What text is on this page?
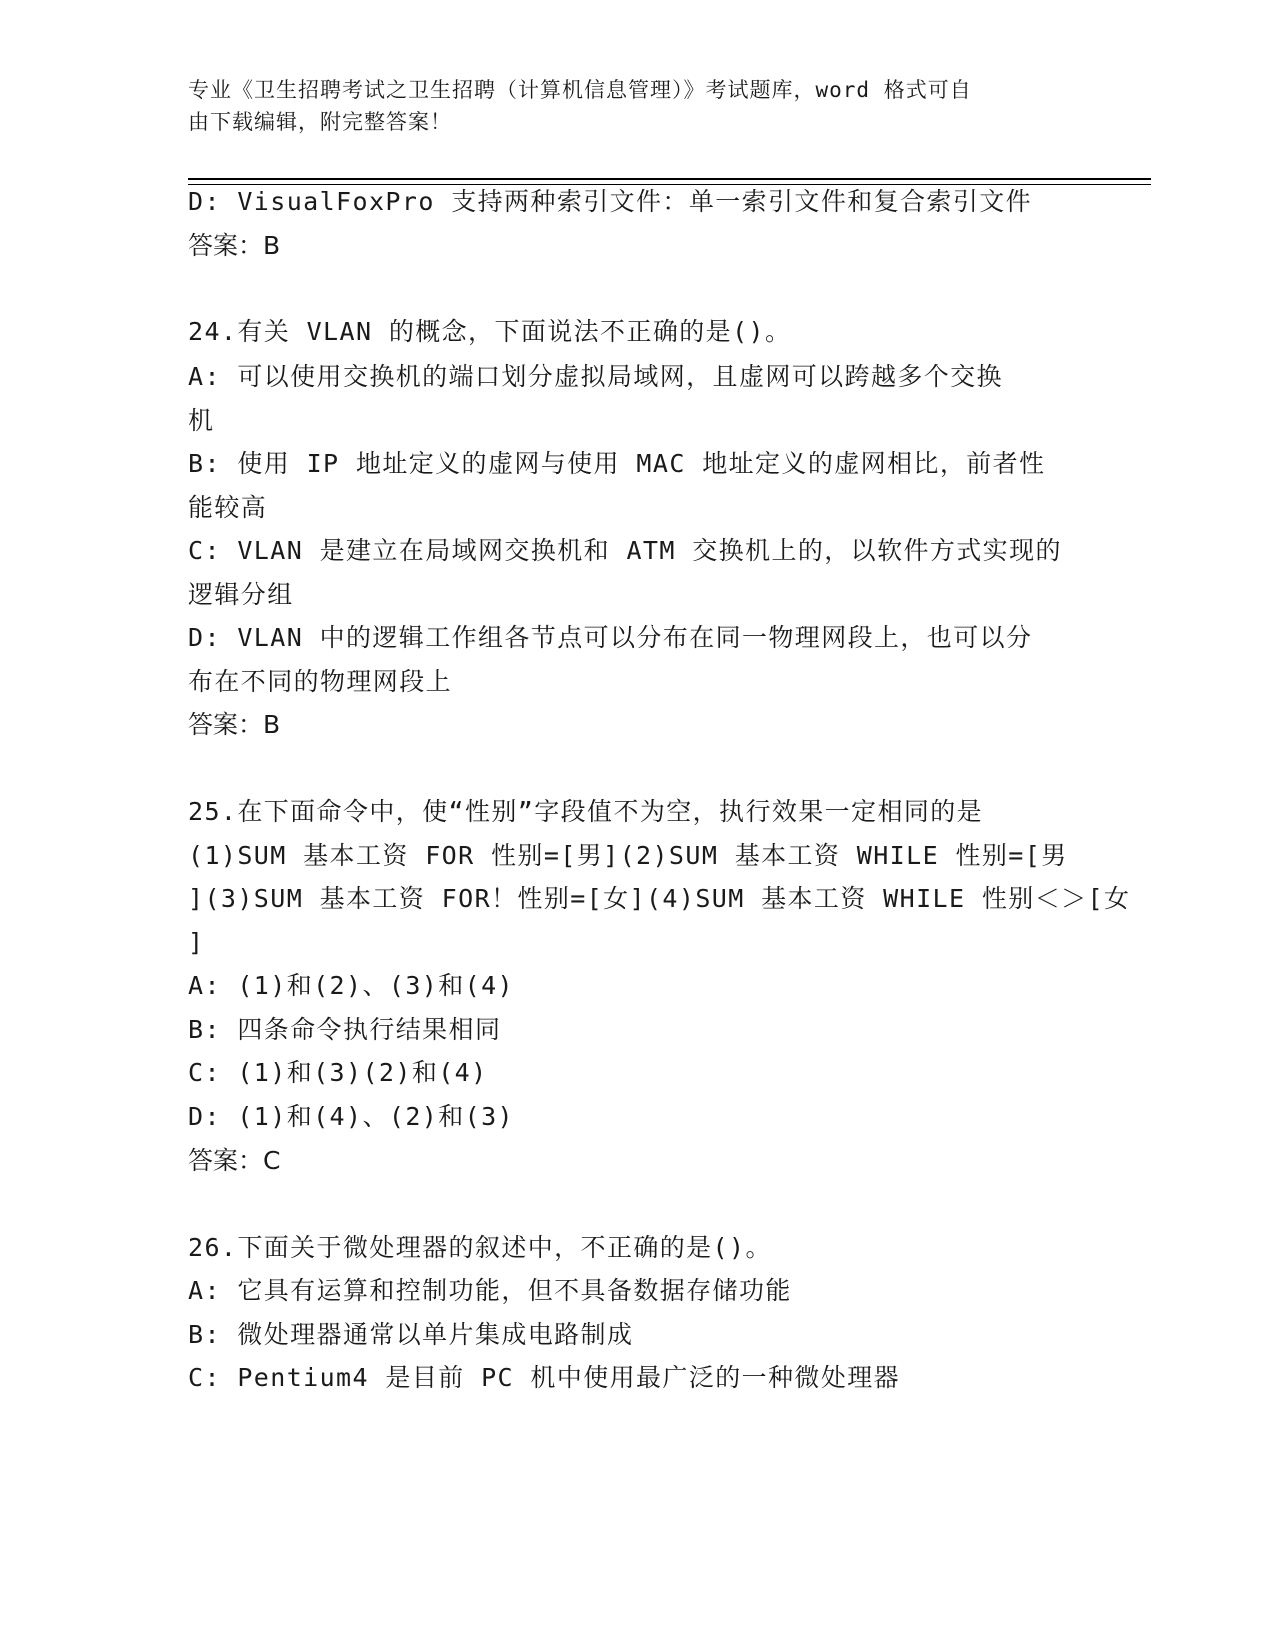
专业《卫生招聘考试之卫生招聘（计算机信息管理）》考试题库，word 格式可自
由下载编辑，附完整答案！
D: VisualFoxPro 支持两种索引文件：单一索引文件和复合索引文件
答案：B
24.有关 VLAN 的概念，下面说法不正确的是()。
A: 可以使用交换机的端口划分虚拟局域网，且虚网可以跨越多个交换
机
B: 使用 IP 地址定义的虚网与使用 MAC 地址定义的虚网相比，前者性
能较高
C: VLAN 是建立在局域网交换机和 ATM 交换机上的，以软件方式实现的
逻辑分组
D: VLAN 中的逻辑工作组各节点可以分布在同一物理网段上，也可以分
布在不同的物理网段上
答案：B
25.在下面命令中，使“性别”字段值不为空，执行效果一定相同的是
(1)SUM 基本工资 FOR 性别=[男](2)SUM 基本工资 WHILE 性别=[男
](3)SUM 基本工资 FOR！性别=[女](4)SUM 基本工资 WHILE 性别＜＞[女
]
A: (1)和(2)、(3)和(4)
B: 四条命令执行结果相同
C: (1)和(3)(2)和(4)
D: (1)和(4)、(2)和(3)
答案：C
26.下面关于微处理器的叙述中，不正确的是()。
A: 它具有运算和控制功能，但不具备数据存储功能
B: 微处理器通常以单片集成电路制成
C: Pentium4 是目前 PC 机中使用最广泛的一种微处理器
